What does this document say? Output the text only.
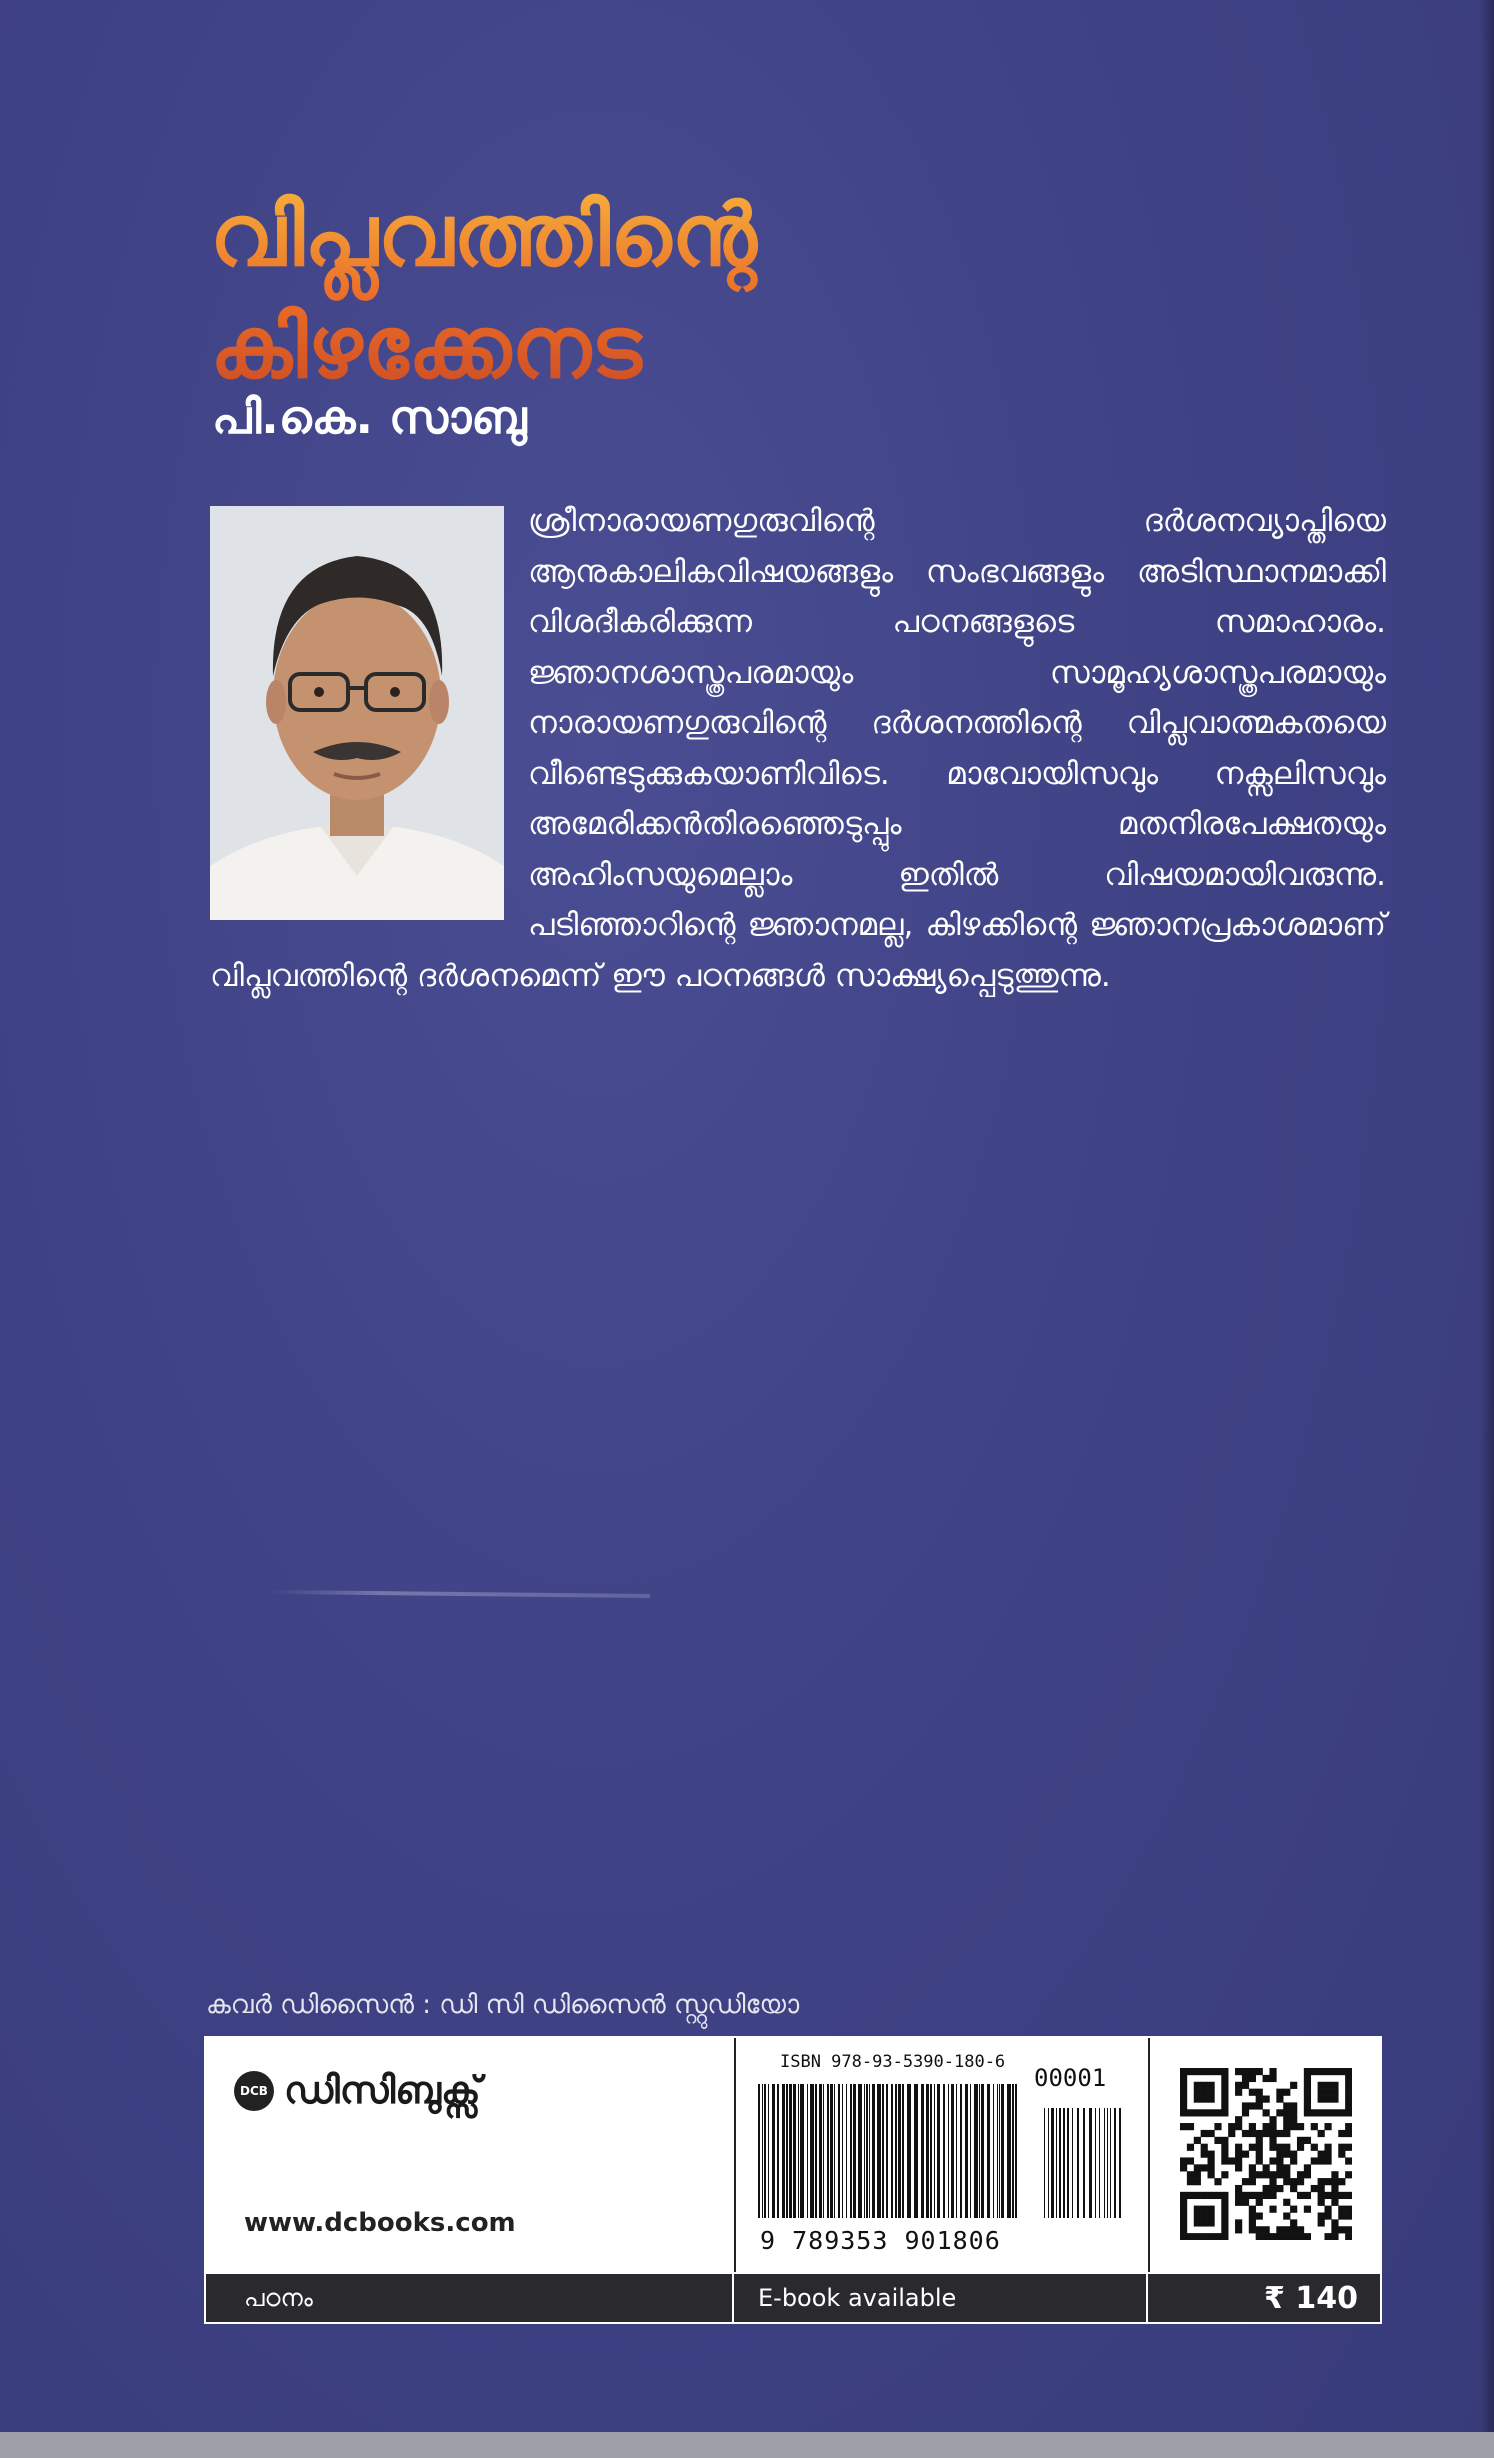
വിപ്ലവത്തിന്റെ
കിഴക്കേനട
പി.കെ. സാബു
ശ്രീനാരായണഗുരുവിന്റെ ദർശനവ്യാപ്തിയെ ആനുകാലികവിഷയങ്ങളും സംഭവങ്ങളും അടിസ്ഥാനമാക്കി വിശദീകരിക്കുന്ന പഠനങ്ങളുടെ സമാഹാരം. ജ്ഞാനശാസ്ത്രപരമായും സാമൂഹ്യശാസ്ത്രപരമായും നാരായണഗുരുവിന്റെ ദർശനത്തിന്റെ വിപ്ലവാത്മകതയെ വീണ്ടെടുക്കുകയാണിവിടെ. മാവോയിസവും നക്സലിസവും അമേരിക്കൻതിരഞ്ഞെടുപ്പും മതനിരപേക്ഷതയും അഹിംസയുമെല്ലാം ഇതിൽ വിഷയമായിവരുന്നു. പടിഞ്ഞാറിന്റെ ജ്ഞാനമല്ല, കിഴക്കിന്റെ ജ്ഞാനപ്രകാശമാണ് വിപ്ലവത്തിന്റെ ദർശനമെന്ന് ഈ പഠനങ്ങൾ സാക്ഷ്യപ്പെടുത്തുന്നു.
കവർ ഡിസൈൻ : ഡി സി ഡിസൈൻ സ്റ്റുഡിയോ
DCB ഡിസിബുക്സ്
www.dcbooks.com
ISBN 978-93-5390-180-6
00001
9 789353 901806
പഠനം	E-book available	₹ 140
